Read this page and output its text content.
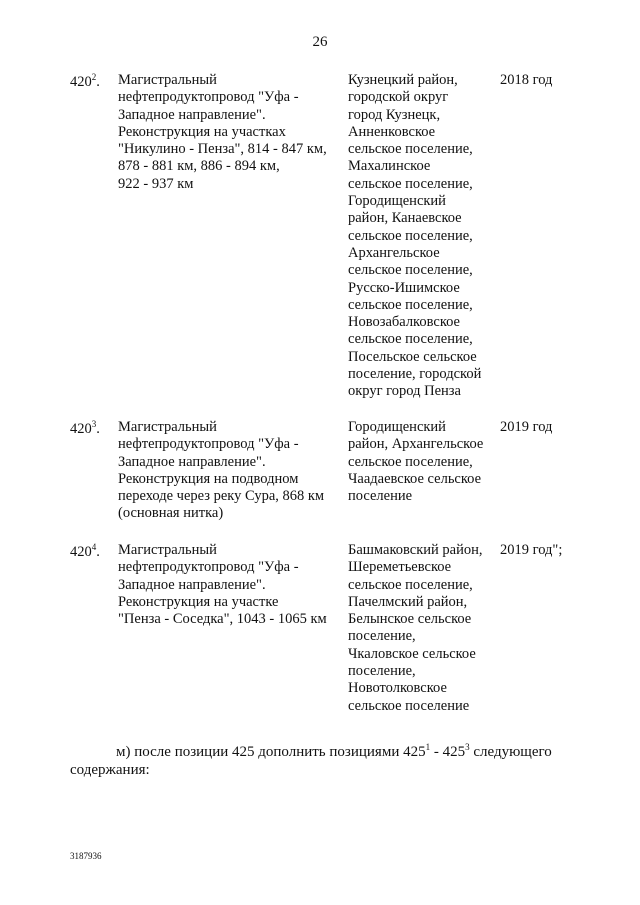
26
$420^2$. Магистральный
нефтепродуктопровод "Уфа -
Западное направление".
Реконструкция на участках
"Никулино - Пенза", 814 - 847 км,
878 - 881 км, 886 - 894 км,
922 - 937 км
Кузнецкий район,
городской округ
город Кузнецк,
Анненковское
сельское поселение,
Махалинское
сельское поселение,
Городищенский
район, Канаевское
сельское поселение,
Архангельское
сельское поселение,
Русско-Ишимское
сельское поселение,
Новозабалковское
сельское поселение,
Посельское сельское
поселение, городской
округ город Пенза
2018 год
$420^3$. Магистральный
нефтепродуктопровод "Уфа -
Западное направление".
Реконструкция на подводном
переходе через реку Сура, 868 км
(основная нитка)
Городищенский
район, Архангельское
сельское поселение,
Чаадаевское сельское
поселение
2019 год
$420^4$. Магистральный
нефтепродуктопровод "Уфа -
Западное направление".
Реконструкция на участке
"Пенза - Соседка", 1043 - 1065 км
Башмаковский район,
Шереметьевское
сельское поселение,
Пачелмский район,
Белынское сельское
поселение,
Чкаловское сельское
поселение,
Новотолковское
сельское поселение
2019 год";
м) после позиции 425 дополнить позициями $425^1 - 425^3$ следующего
содержания:
3187936
